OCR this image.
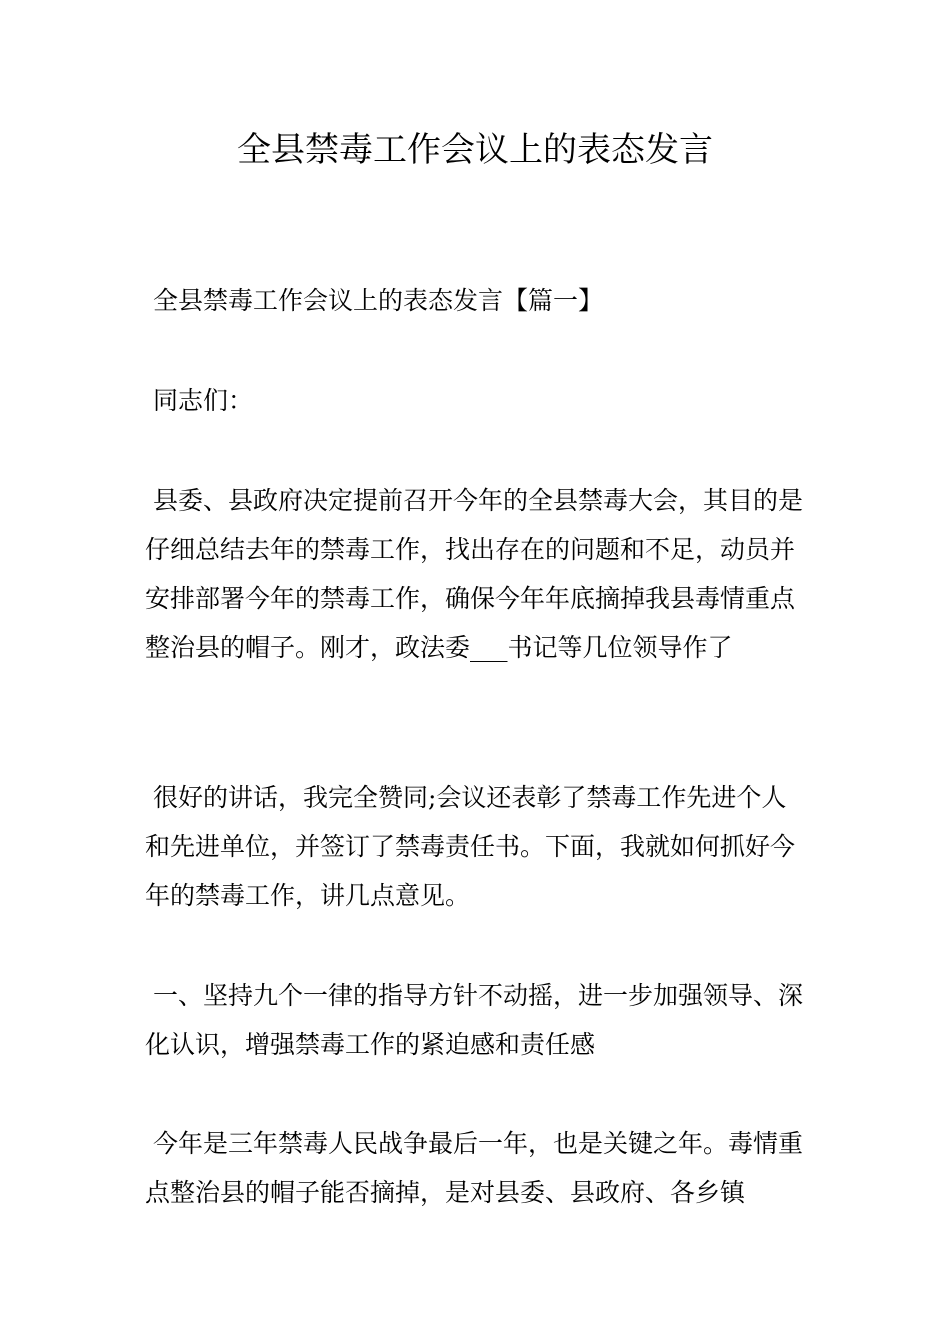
全县禁毒工作会议上的表态发言

全县禁毒工作会议上的表态发言【篇一】

同志们：

县委、县政府决定提前召开今年的全县禁毒大会，其目的是仔细总结去年的禁毒工作，找出存在的问题和不足，动员并安排部署今年的禁毒工作，确保今年年底摘掉我县毒情重点整治县的帽子。刚才，政法委___书记等几位领导作了

很好的讲话，我完全赞同;会议还表彰了禁毒工作先进个人和先进单位，并签订了禁毒责任书。下面，我就如何抓好今年的禁毒工作，讲几点意见。

一、坚持九个一律的指导方针不动摇，进一步加强领导、深化认识，增强禁毒工作的紧迫感和责任感

今年是三年禁毒人民战争最后一年，也是关键之年。毒情重点整治县的帽子能否摘掉，是对县委、县政府、各乡镇
